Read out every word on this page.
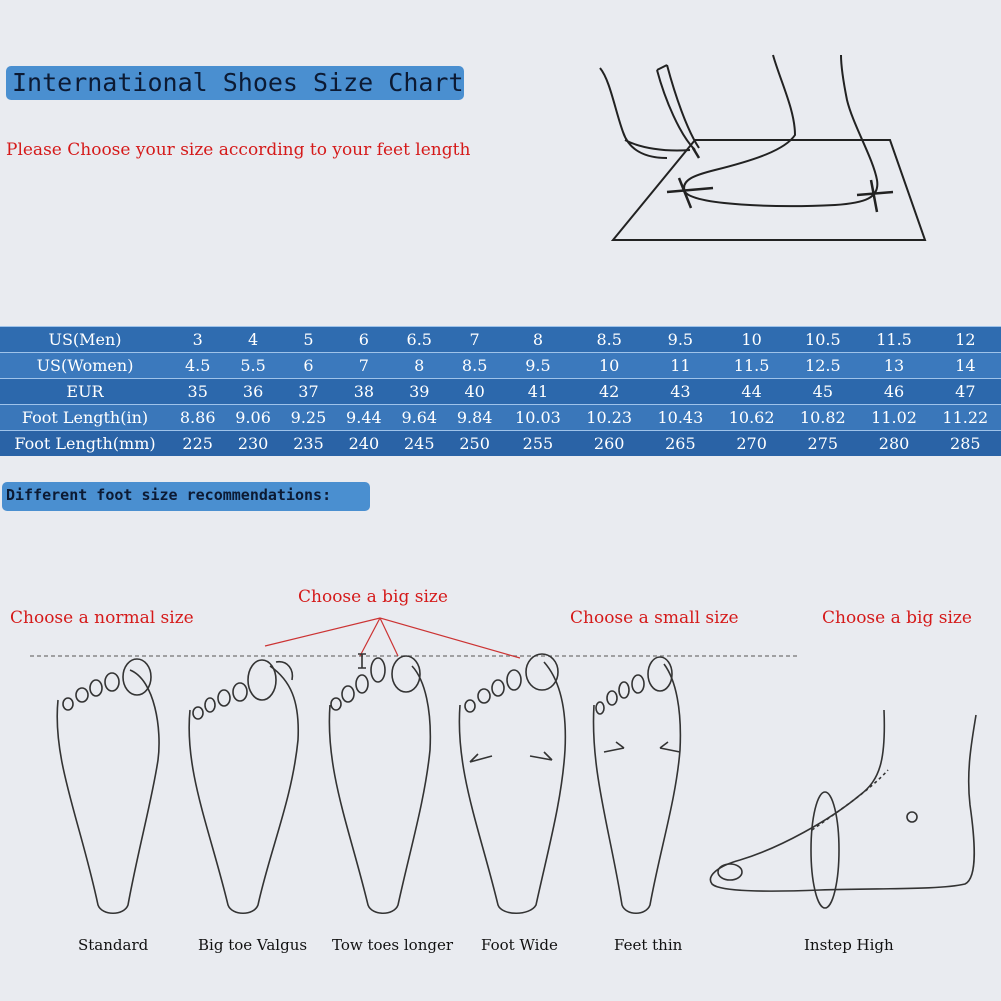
International Shoes Size Chart
Please Choose your size according to your feet length
US(Men)	3	4	5	6	6.5	7	8	8.5	9.5	10	10.5	11.5	12
US(Women)	4.5	5.5	6	7	8	8.5	9.5	10	11	11.5	12.5	13	14
EUR	35	36	37	38	39	40	41	42	43	44	45	46	47
Foot Length(in)	8.86	9.06	9.25	9.44	9.64	9.84	10.03	10.23	10.43	10.62	10.82	11.02	11.22
Foot Length(mm)	225	230	235	240	245	250	255	260	265	270	275	280	285
Different foot size recommendations:
Choose a normal size
Choose a big size
Choose a small size	Choose a big size
Standard	Big toe Valgus Tow toes longer Foot Wide	Feet thin	Instep High
